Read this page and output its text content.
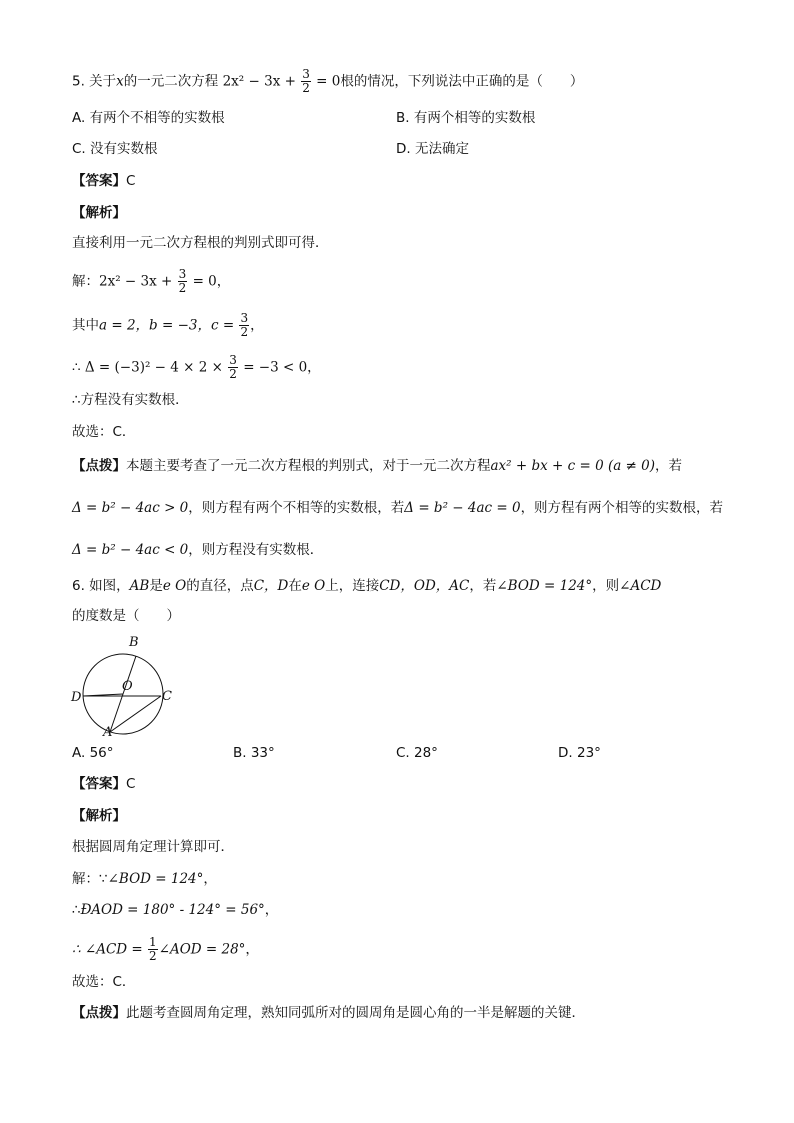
5. 关于x的一元二次方程 $2x^2 - 3x + \frac{3}{2} = 0$根的情况，下列说法中正确的是（　　）
A. 有两个不相等的实数根	B. 有两个相等的实数根
C. 没有实数根	D. 无法确定
【答案】C
【解析】
直接利用一元二次方程根的判别式即可得．
解：$2x^2 - 3x + \frac{3}{2} = 0$，
其中a = 2，b = −3，$c = \frac{3}{2}$ ，
∴ $\Delta = (-3)^2 - 4 \times 2 \times \frac{3}{2} = -3 < 0$，
∴方程没有实数根．
故选：C．
【点拨】本题主要考查了一元二次方程根的判别式，对于一元二次方程ax² + bx + c = 0 (a ≠ 0)，若
Δ = b² − 4ac > 0，则方程有两个不相等的实数根，若Δ = b² − 4ac = 0，则方程有两个相等的实数根，若
Δ = b² − 4ac < 0，则方程没有实数根．
6. 如图，AB是e O的直径，点C，D在e O上，连接CD，OD，AC，若∠BOD = 124°，则∠ACD
的度数是（　　）
B
O
D	C
A
A. 56°	B. 33°	C. 28°	D. 23°
【答案】C
【解析】
根据圆周角定理计算即可．
解：∵∠BOD = 124°，
∴ÐAOD = 180° - 124° = 56°，
∴ ∠ACD = $\frac{1}{2}$ ∠AOD = 28°，
故选：C．
【点拨】此题考查圆周角定理，熟知同弧所对的圆周角是圆心角的一半是解题的关键．
